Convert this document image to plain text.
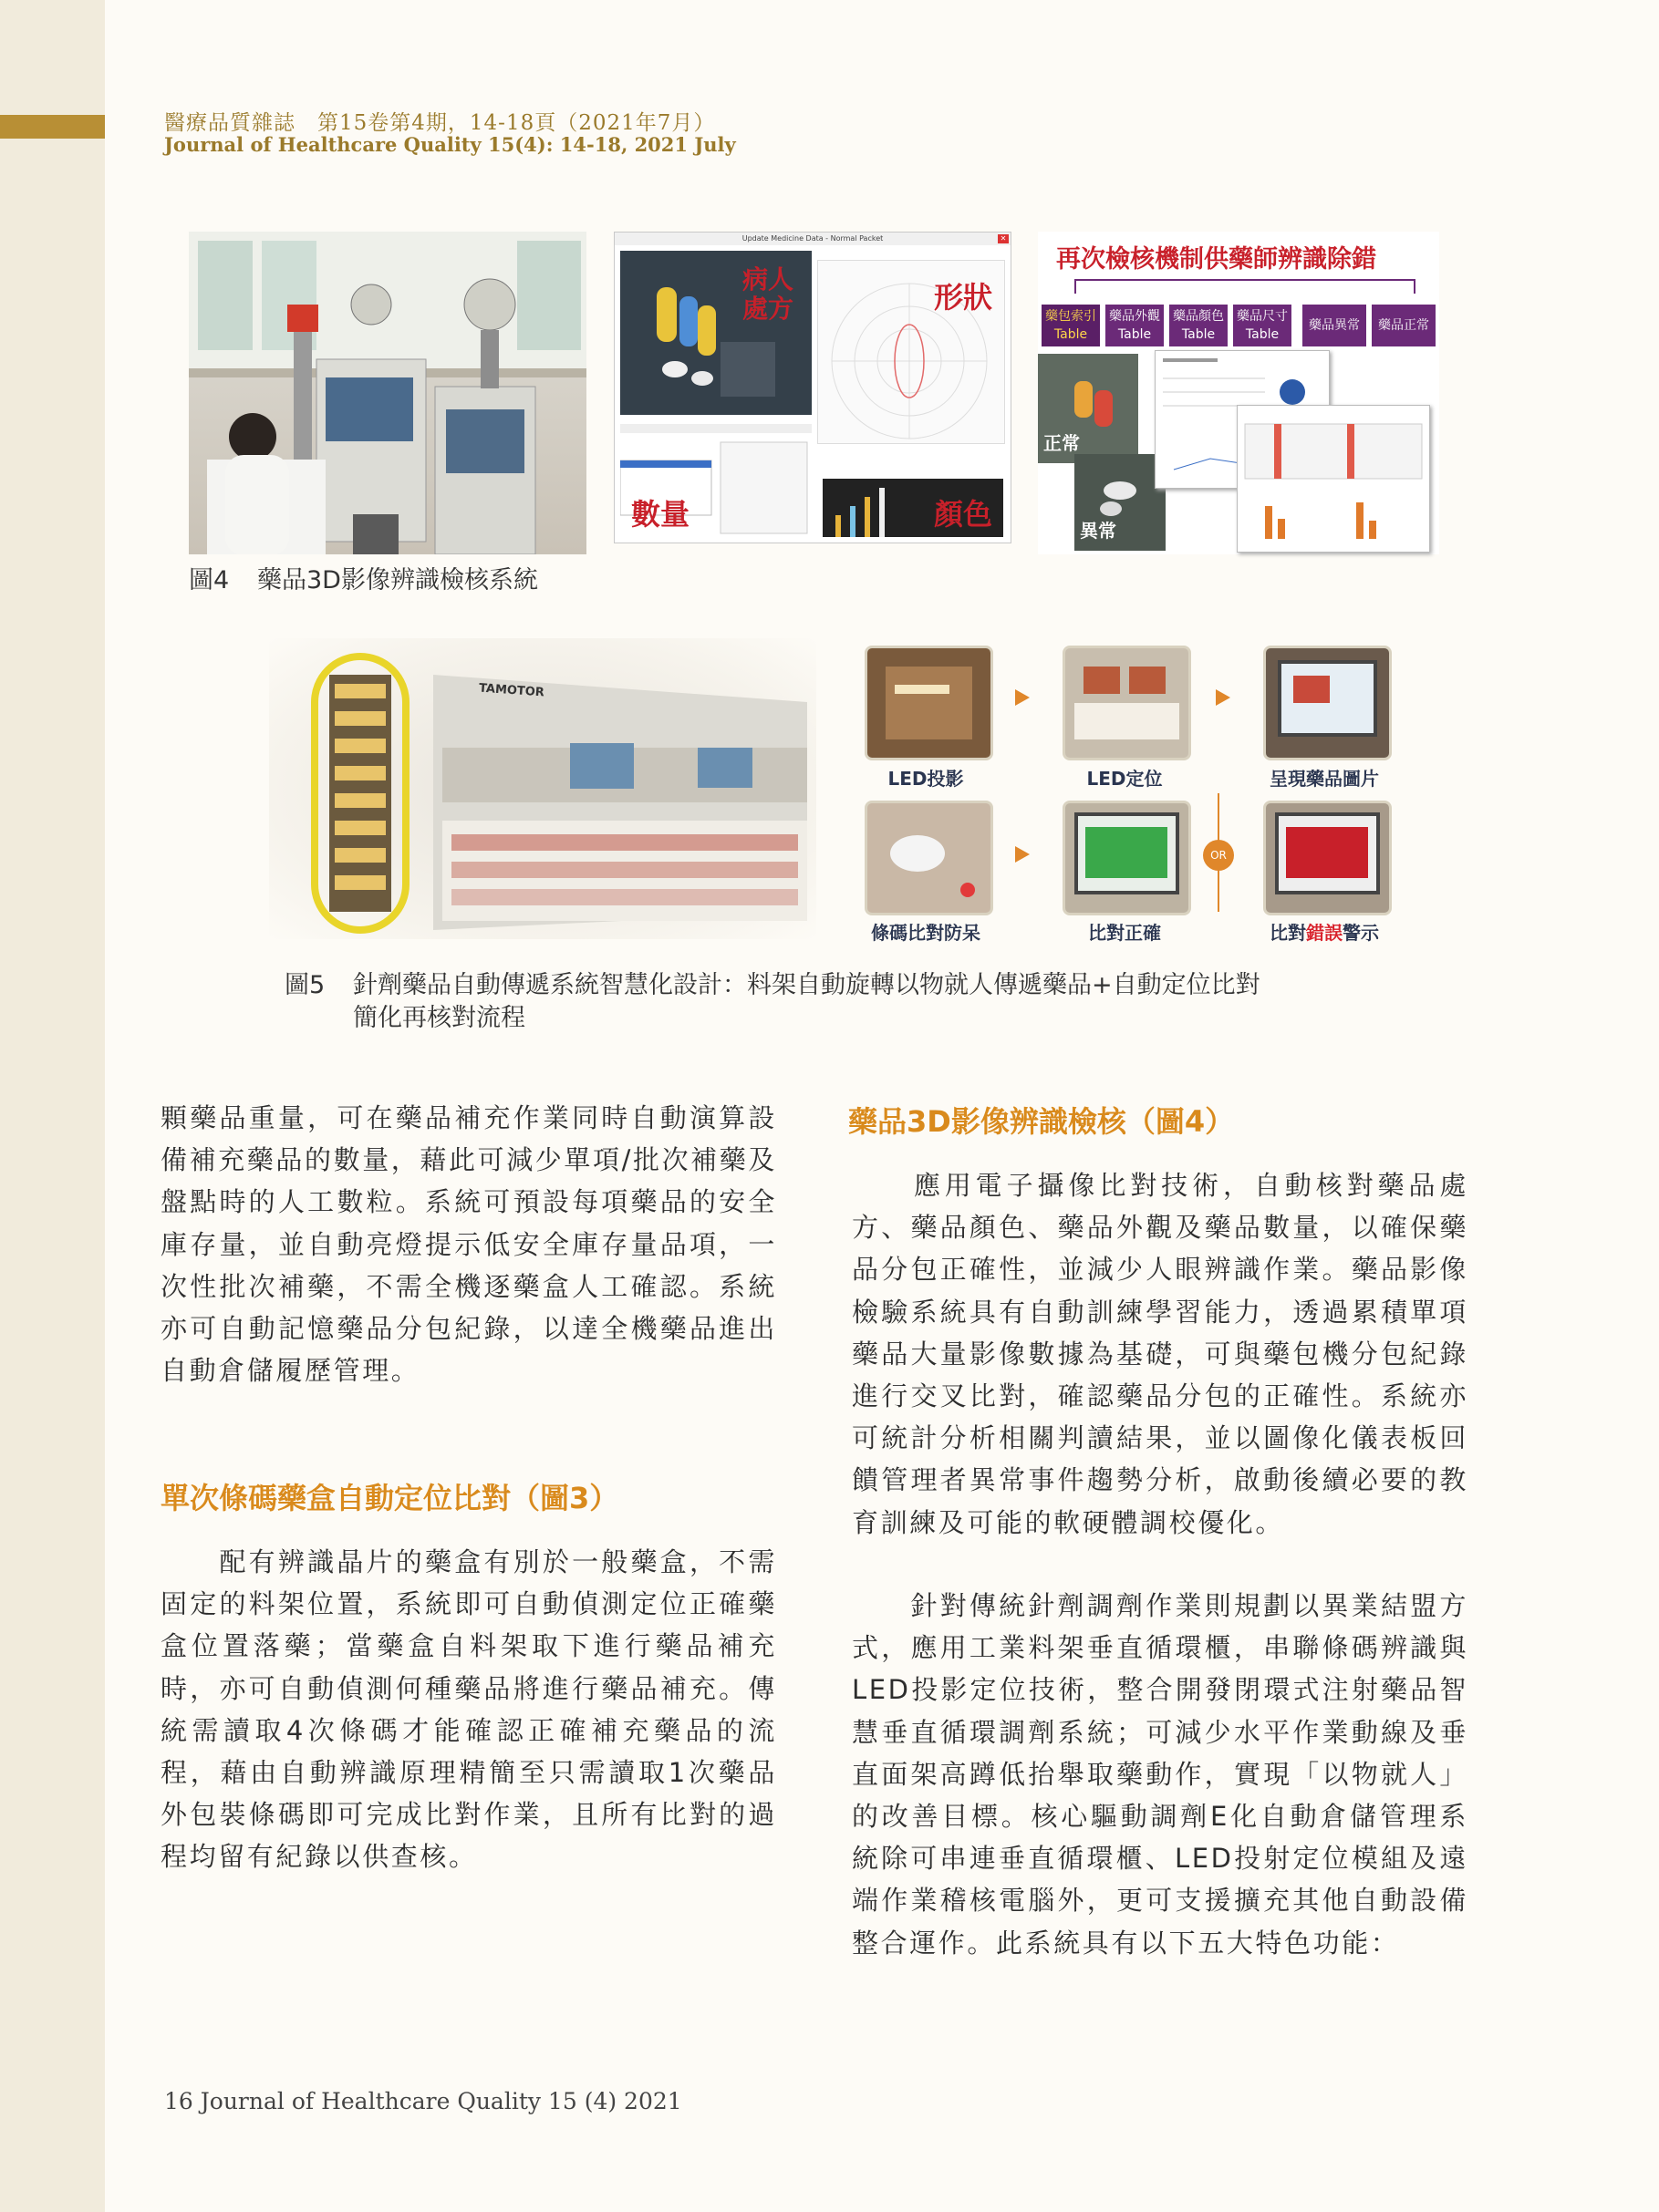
醫療品質雜誌　第15卷第4期，14-18頁（2021年7月）
Journal of Healthcare Quality 15(4): 14-18, 2021 July
Update Medicine Data - Normal Packet	✕
病人處方	形狀
數量	顏色
再次檢核機制供藥師辨識除錯
藥包索引Table
藥品外觀Table
藥品顏色Table
藥品尺寸Table
藥品異常	藥品正常
正常
異常
圖4 藥品3D影像辨識檢核系統
TAMOTOR
LED投影	LED定位	呈現藥品圖片
OR
條碼比對防呆	比對正確	比對錯誤警示
圖5 針劑藥品自動傳遞系統智慧化設計：料架自動旋轉以物就人傳遞藥品+自動定位比對
簡化再核對流程
顆藥品重量，可在藥品補充作業同時自動演算設備補充藥品的數量，藉此可減少單項/批次補藥及盤點時的人工數粒。系統可預設每項藥品的安全庫存量，並自動亮燈提示低安全庫存量品項，一次性批次補藥，不需全機逐藥盒人工確認。系統亦可自動記憶藥品分包紀錄，以達全機藥品進出自動倉儲履歷管理。
單次條碼藥盒自動定位比對（圖3）
　　配有辨識晶片的藥盒有別於一般藥盒，不需固定的料架位置，系統即可自動偵測定位正確藥盒位置落藥；當藥盒自料架取下進行藥品補充時，亦可自動偵測何種藥品將進行藥品補充。傳統需讀取4次條碼才能確認正確補充藥品的流程，藉由自動辨識原理精簡至只需讀取1次藥品外包裝條碼即可完成比對作業，且所有比對的過程均留有紀錄以供查核。
藥品3D影像辨識檢核（圖4）
　　應用電子攝像比對技術，自動核對藥品處方、藥品顏色、藥品外觀及藥品數量，以確保藥品分包正確性，並減少人眼辨識作業。藥品影像檢驗系統具有自動訓練學習能力，透過累積單項藥品大量影像數據為基礎，可與藥包機分包紀錄進行交叉比對，確認藥品分包的正確性。系統亦可統計分析相關判讀結果，並以圖像化儀表板回饋管理者異常事件趨勢分析，啟動後續必要的教育訓練及可能的軟硬體調校優化。
　　針對傳統針劑調劑作業則規劃以異業結盟方式，應用工業料架垂直循環櫃，串聯條碼辨識與LED投影定位技術，整合開發閉環式注射藥品智慧垂直循環調劑系統；可減少水平作業動線及垂直面架高蹲低抬舉取藥動作，實現「以物就人」的改善目標。核心驅動調劑E化自動倉儲管理系統除可串連垂直循環櫃、LED投射定位模組及遠端作業稽核電腦外，更可支援擴充其他自動設備整合運作。此系統具有以下五大特色功能：
16 Journal of Healthcare Quality 15 (4) 2021
